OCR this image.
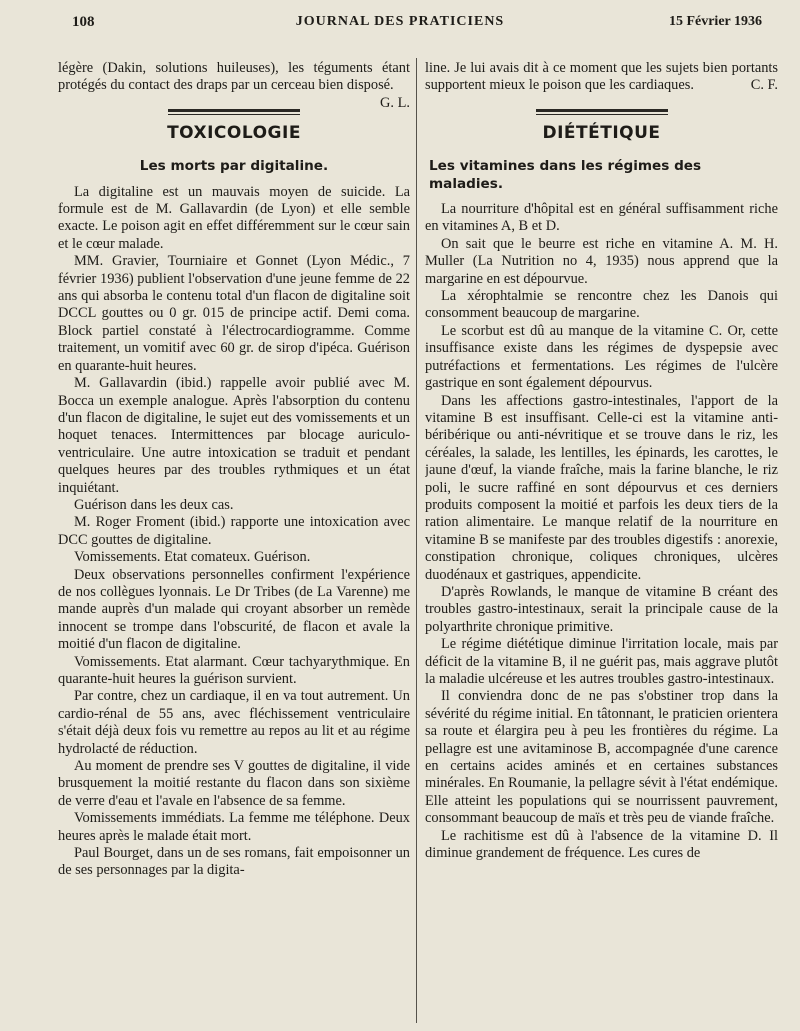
108	JOURNAL DES PRATICIENS	15 Février 1936

légère (Dakin, solutions huileuses), les téguments étant protégés du contact des draps par un cerceau bien disposé.
G. L.

TOXICOLOGIE
Les morts par digitaline.

La digitaline est un mauvais moyen de suicide. La formule est de M. Gallavardin (de Lyon) et elle semble exacte. Le poison agit en effet différemment sur le cœur sain et le cœur malade.

MM. Gravier, Tourniaire et Gonnet (Lyon Médic., 7 février 1936) publient l'observation d'une jeune femme de 22 ans qui absorba le contenu total d'un flacon de digitaline soit DCCL gouttes ou 0 gr. 015 de principe actif. Demi coma. Block partiel constaté à l'électrocardiogramme. Comme traitement, un vomitif avec 60 gr. de sirop d'ipéca. Guérison en quarante-huit heures.

M. Gallavardin (ibid.) rappelle avoir publié avec M. Bocca un exemple analogue. Après l'absorption du contenu d'un flacon de digitaline, le sujet eut des vomissements et un hoquet tenaces. Intermittences par blocage auriculo-ventriculaire. Une autre intoxication se traduit et pendant quelques heures par des troubles rythmiques et un état inquiétant.

Guérison dans les deux cas.

M. Roger Froment (ibid.) rapporte une intoxication avec DCC gouttes de digitaline.

Vomissements. Etat comateux. Guérison.

Deux observations personnelles confirment l'expérience de nos collègues lyonnais. Le Dr Tribes (de La Varenne) me mande auprès d'un malade qui croyant absorber un remède innocent se trompe dans l'obscurité, de flacon et avale la moitié d'un flacon de digitaline.

Vomissements. Etat alarmant. Cœur tachyarythmique. En quarante-huit heures la guérison survient.

Par contre, chez un cardiaque, il en va tout autrement. Un cardio-rénal de 55 ans, avec fléchissement ventriculaire s'était déjà deux fois vu remettre au repos au lit et au régime hydrolacté de réduction.

Au moment de prendre ses V gouttes de digitaline, il vide brusquement la moitié restante du flacon dans son sixième de verre d'eau et l'avale en l'absence de sa femme.

Vomissements immédiats. La femme me téléphone. Deux heures après le malade était mort.

Paul Bourget, dans un de ses romans, fait empoisonner un de ses personnages par la digita-

line. Je lui avais dit à ce moment que les sujets bien portants supportent mieux le poison que les cardiaques.	C. F.

DIÉTÉTIQUE
Les vitamines dans les régimes des maladies.

La nourriture d'hôpital est en général suffisamment riche en vitamines A, B et D.

On sait que le beurre est riche en vitamine A. M. H. Muller (La Nutrition no 4, 1935) nous apprend que la margarine en est dépourvue.

La xérophtalmie se rencontre chez les Danois qui consomment beaucoup de margarine.

Le scorbut est dû au manque de la vitamine C. Or, cette insuffisance existe dans les régimes de dyspepsie avec putréfactions et fermentations. Les régimes de l'ulcère gastrique en sont également dépourvus.

Dans les affections gastro-intestinales, l'apport de la vitamine B est insuffisant. Celle-ci est la vitamine anti-béribérique ou anti-névritique et se trouve dans le riz, les céréales, la salade, les lentilles, les épinards, les carottes, le jaune d'œuf, la viande fraîche, mais la farine blanche, le riz poli, le sucre raffiné en sont dépourvus et ces derniers produits composent la moitié et parfois les deux tiers de la ration alimentaire. Le manque relatif de la nourriture en vitamine B se manifeste par des troubles digestifs : anorexie, constipation chronique, coliques chroniques, ulcères duodénaux et gastriques, appendicite.

D'après Rowlands, le manque de vitamine B créant des troubles gastro-intestinaux, serait la principale cause de la polyarthrite chronique primitive.

Le régime diététique diminue l'irritation locale, mais par déficit de la vitamine B, il ne guérit pas, mais aggrave plutôt la maladie ulcéreuse et les autres troubles gastro-intestinaux.

Il conviendra donc de ne pas s'obstiner trop dans la sévérité du régime initial. En tâtonnant, le praticien orientera sa route et élargira peu à peu les frontières du régime. La pellagre est une avitaminose B, accompagnée d'une carence en certains acides aminés et en certaines substances minérales. En Roumanie, la pellagre sévit à l'état endémique. Elle atteint les populations qui se nourrissent pauvrement, consommant beaucoup de maïs et très peu de viande fraîche.

Le rachitisme est dû à l'absence de la vitamine D. Il diminue grandement de fréquence. Les cures de
